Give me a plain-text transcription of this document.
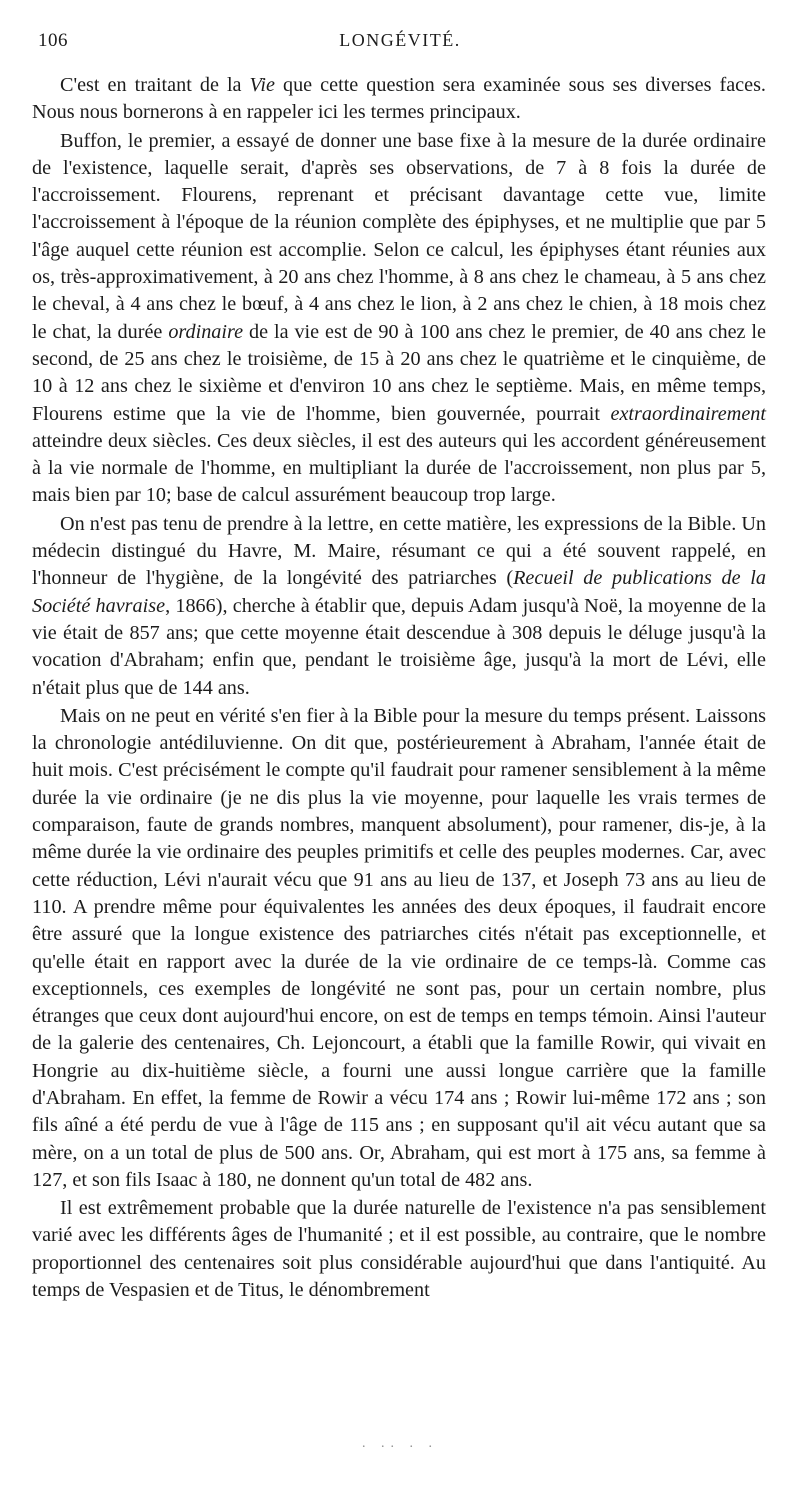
106	LONGÉVITÉ.

C'est en traitant de la Vie que cette question sera examinée sous ses diverses faces. Nous nous bornerons à en rappeler ici les termes principaux.

Buffon, le premier, a essayé de donner une base fixe à la mesure de la durée ordinaire de l'existence, laquelle serait, d'après ses observations, de 7 à 8 fois la durée de l'accroissement. Flourens, reprenant et précisant davantage cette vue, limite l'accroissement à l'époque de la réunion complète des épiphyses, et ne multiplie que par 5 l'âge auquel cette réunion est accomplie. Selon ce calcul, les épiphyses étant réunies aux os, très-approximativement, à 20 ans chez l'homme, à 8 ans chez le chameau, à 5 ans chez le cheval, à 4 ans chez le bœuf, à 4 ans chez le lion, à 2 ans chez le chien, à 18 mois chez le chat, la durée ordinaire de la vie est de 90 à 100 ans chez le premier, de 40 ans chez le second, de 25 ans chez le troisième, de 15 à 20 ans chez le quatrième et le cinquième, de 10 à 12 ans chez le sixième et d'environ 10 ans chez le septième. Mais, en même temps, Flourens estime que la vie de l'homme, bien gouvernée, pourrait extraordinairement atteindre deux siècles. Ces deux siècles, il est des auteurs qui les accordent généreusement à la vie normale de l'homme, en multipliant la durée de l'accroissement, non plus par 5, mais bien par 10; base de calcul assurément beaucoup trop large.

On n'est pas tenu de prendre à la lettre, en cette matière, les expressions de la Bible. Un médecin distingué du Havre, M. Maire, résumant ce qui a été souvent rappelé, en l'honneur de l'hygiène, de la longévité des patriarches (Recueil de publications de la Société havraise, 1866), cherche à établir que, depuis Adam jusqu'à Noë, la moyenne de la vie était de 857 ans; que cette moyenne était descendue à 308 depuis le déluge jusqu'à la vocation d'Abraham; enfin que, pendant le troisième âge, jusqu'à la mort de Lévi, elle n'était plus que de 144 ans.

Mais on ne peut en vérité s'en fier à la Bible pour la mesure du temps présent. Laissons la chronologie antédiluvienne. On dit que, postérieurement à Abraham, l'année était de huit mois. C'est précisément le compte qu'il faudrait pour ramener sensiblement à la même durée la vie ordinaire (je ne dis plus la vie moyenne, pour laquelle les vrais termes de comparaison, faute de grands nombres, manquent absolument), pour ramener, dis-je, à la même durée la vie ordinaire des peuples primitifs et celle des peuples modernes. Car, avec cette réduction, Lévi n'aurait vécu que 91 ans au lieu de 137, et Joseph 73 ans au lieu de 110. A prendre même pour équivalentes les années des deux époques, il faudrait encore être assuré que la longue existence des patriarches cités n'était pas exceptionnelle, et qu'elle était en rapport avec la durée de la vie ordinaire de ce temps-là. Comme cas exceptionnels, ces exemples de longévité ne sont pas, pour un certain nombre, plus étranges que ceux dont aujourd'hui encore, on est de temps en temps témoin. Ainsi l'auteur de la galerie des centenaires, Ch. Lejoncourt, a établi que la famille Rowir, qui vivait en Hongrie au dix-huitième siècle, a fourni une aussi longue carrière que la famille d'Abraham. En effet, la femme de Rowir a vécu 174 ans ; Rowir lui-même 172 ans ; son fils aîné a été perdu de vue à l'âge de 115 ans ; en supposant qu'il ait vécu autant que sa mère, on a un total de plus de 500 ans. Or, Abraham, qui est mort à 175 ans, sa femme à 127, et son fils Isaac à 180, ne donnent qu'un total de 482 ans.

Il est extrêmement probable que la durée naturelle de l'existence n'a pas sensiblement varié avec les différents âges de l'humanité ; et il est possible, au contraire, que le nombre proportionnel des centenaires soit plus considérable aujourd'hui que dans l'antiquité. Au temps de Vespasien et de Titus, le dénombrement

. .. . .
